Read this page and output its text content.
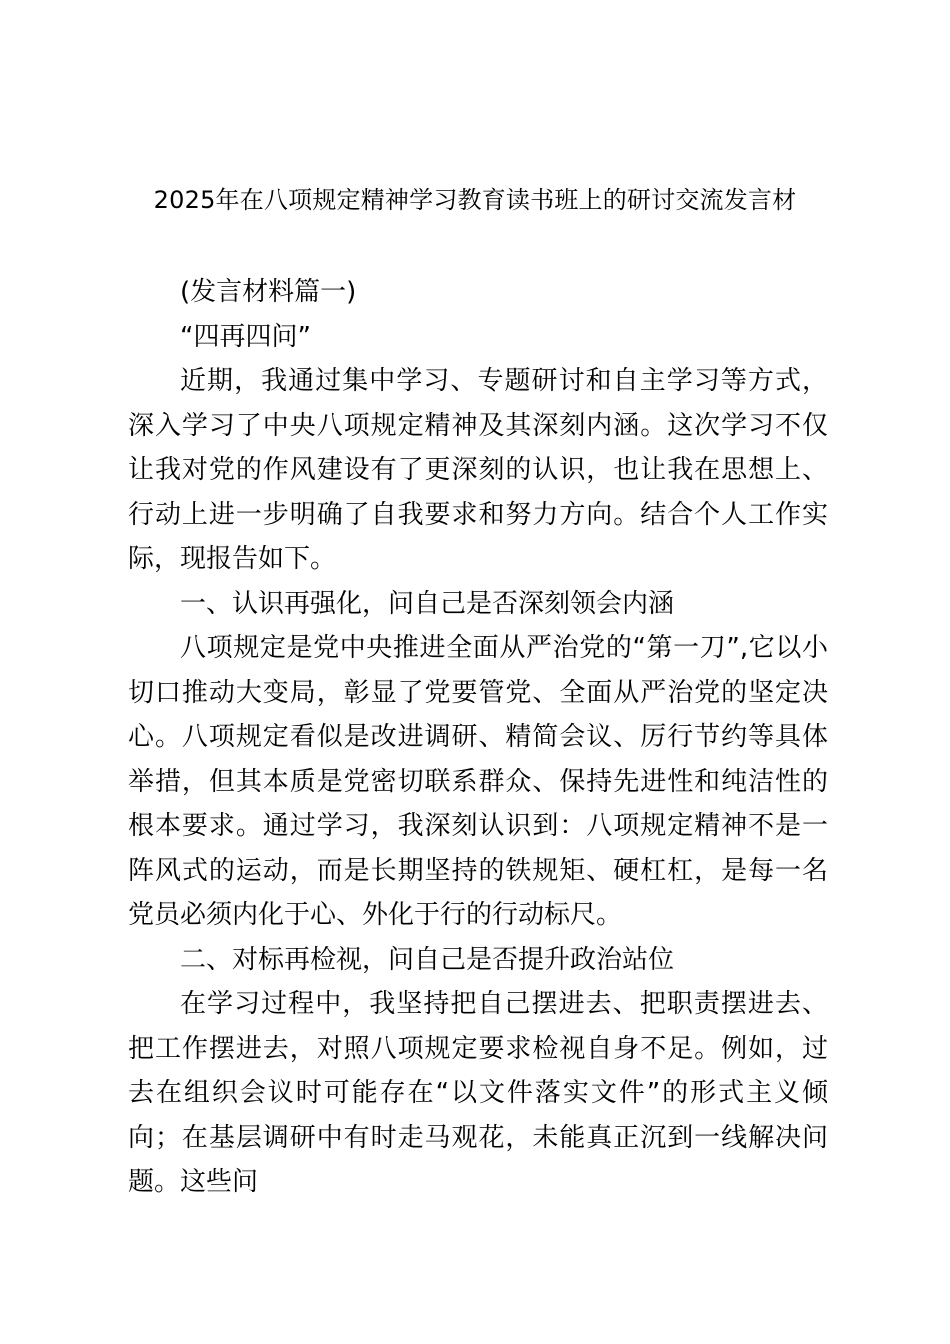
2025年在八项规定精神学习教育读书班上的研讨交流发言材

(发言材料篇一)

“四再四问”

近期，我通过集中学习、专题研讨和自主学习等方式，深入学习了中央八项规定精神及其深刻内涵。这次学习不仅让我对党的作风建设有了更深刻的认识，也让我在思想上、行动上进一步明确了自我要求和努力方向。结合个人工作实际，现报告如下。

一、认识再强化，问自己是否深刻领会内涵

八项规定是党中央推进全面从严治党的“第一刀”,它以小切口推动大变局，彰显了党要管党、全面从严治党的坚定决心。八项规定看似是改进调研、精简会议、厉行节约等具体举措，但其本质是党密切联系群众、保持先进性和纯洁性的根本要求。通过学习，我深刻认识到：八项规定精神不是一阵风式的运动，而是长期坚持的铁规矩、硬杠杠，是每一名党员必须内化于心、外化于行的行动标尺。

二、对标再检视，问自己是否提升政治站位

在学习过程中，我坚持把自己摆进去、把职责摆进去、把工作摆进去，对照八项规定要求检视自身不足。例如，过去在组织会议时可能存在“以文件落实文件”的形式主义倾向；在基层调研中有时走马观花，未能真正沉到一线解决问题。这些问
